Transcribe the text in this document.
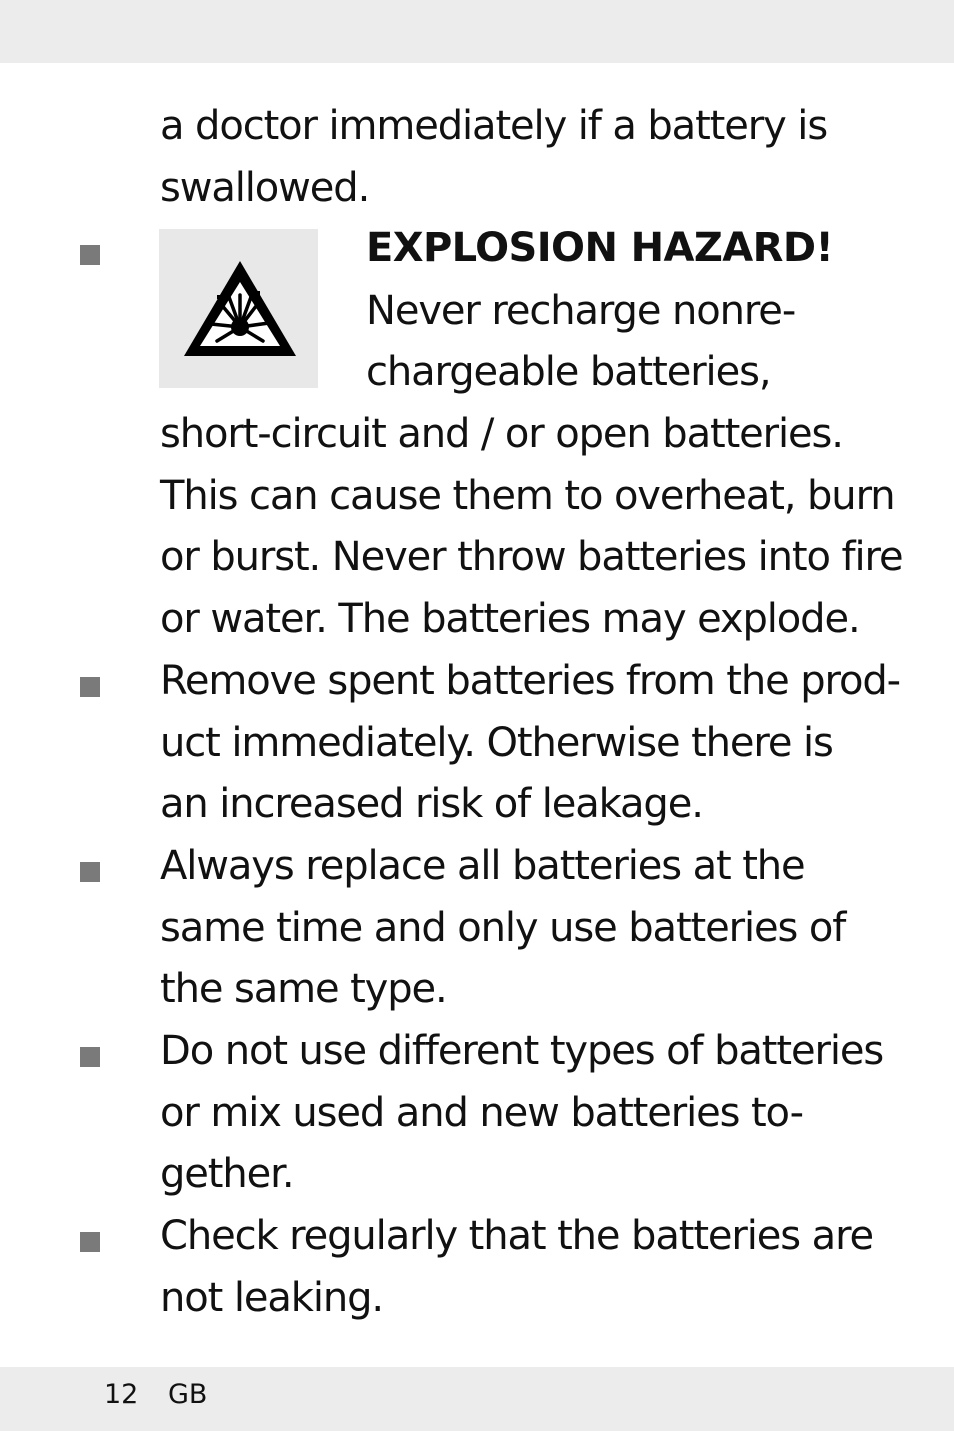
a doctor immediately if a battery is

swallowed.

EXPLOSION HAZARD!

Never recharge nonre-

chargeable batteries,

short-circuit and / or open batteries.

This can cause them to overheat, burn

or burst. Never throw batteries into fire

or water. The batteries may explode.

Remove spent batteries from the prod-

uct immediately. Otherwise there is

an increased risk of leakage.

Always replace all batteries at the

same time and only use batteries of

the same type.

Do not use different types of batteries

or mix used and new batteries to-

gether.

Check regularly that the batteries are

not leaking.

12 GB
